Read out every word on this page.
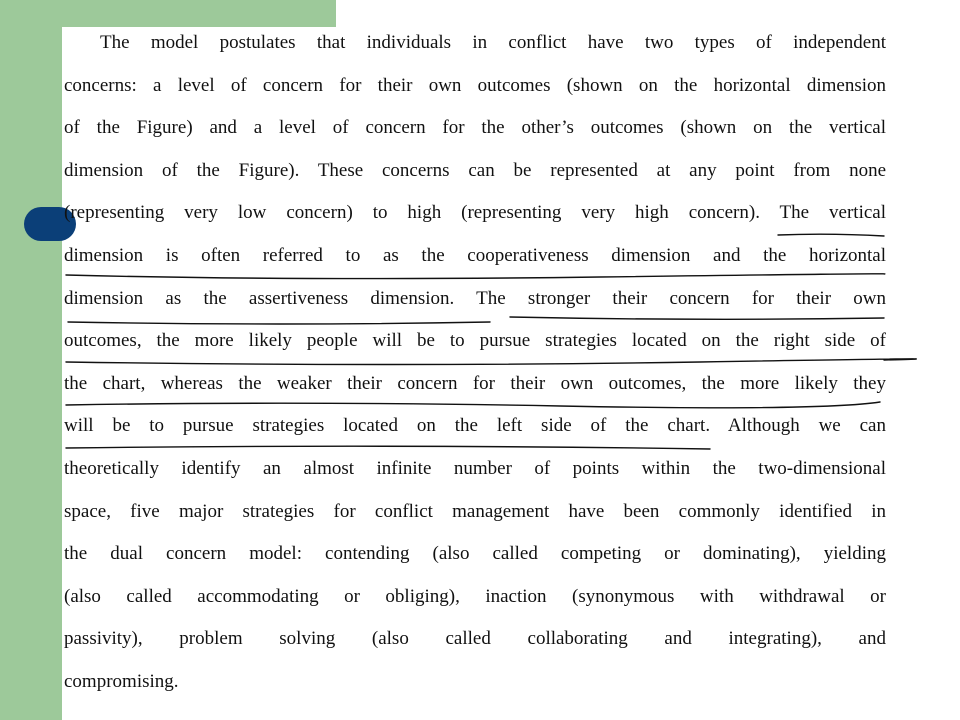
The model postulates that individuals in conflict have two types of independent
concerns: a level of concern for their own outcomes (shown on the horizontal dimension
of the Figure) and a level of concern for the other’s outcomes (shown on the vertical
dimension of the Figure). These concerns can be represented at any point from none
(representing very low concern) to high (representing very high concern). The vertical
dimension is often referred to as the cooperativeness dimension and the horizontal
dimension as the assertiveness dimension. The stronger their concern for their own
outcomes, the more likely people will be to pursue strategies located on the right side of
the chart, whereas the weaker their concern for their own outcomes, the more likely they
will be to pursue strategies located on the left side of the chart. Although we can
theoretically identify an almost infinite number of points within the two-dimensional
space, five major strategies for conflict management have been commonly identified in
the dual concern model: contending (also called competing or dominating), yielding
(also called accommodating or obliging), inaction (synonymous with withdrawal or
passivity), problem solving (also called collaborating and integrating), and
compromising.
